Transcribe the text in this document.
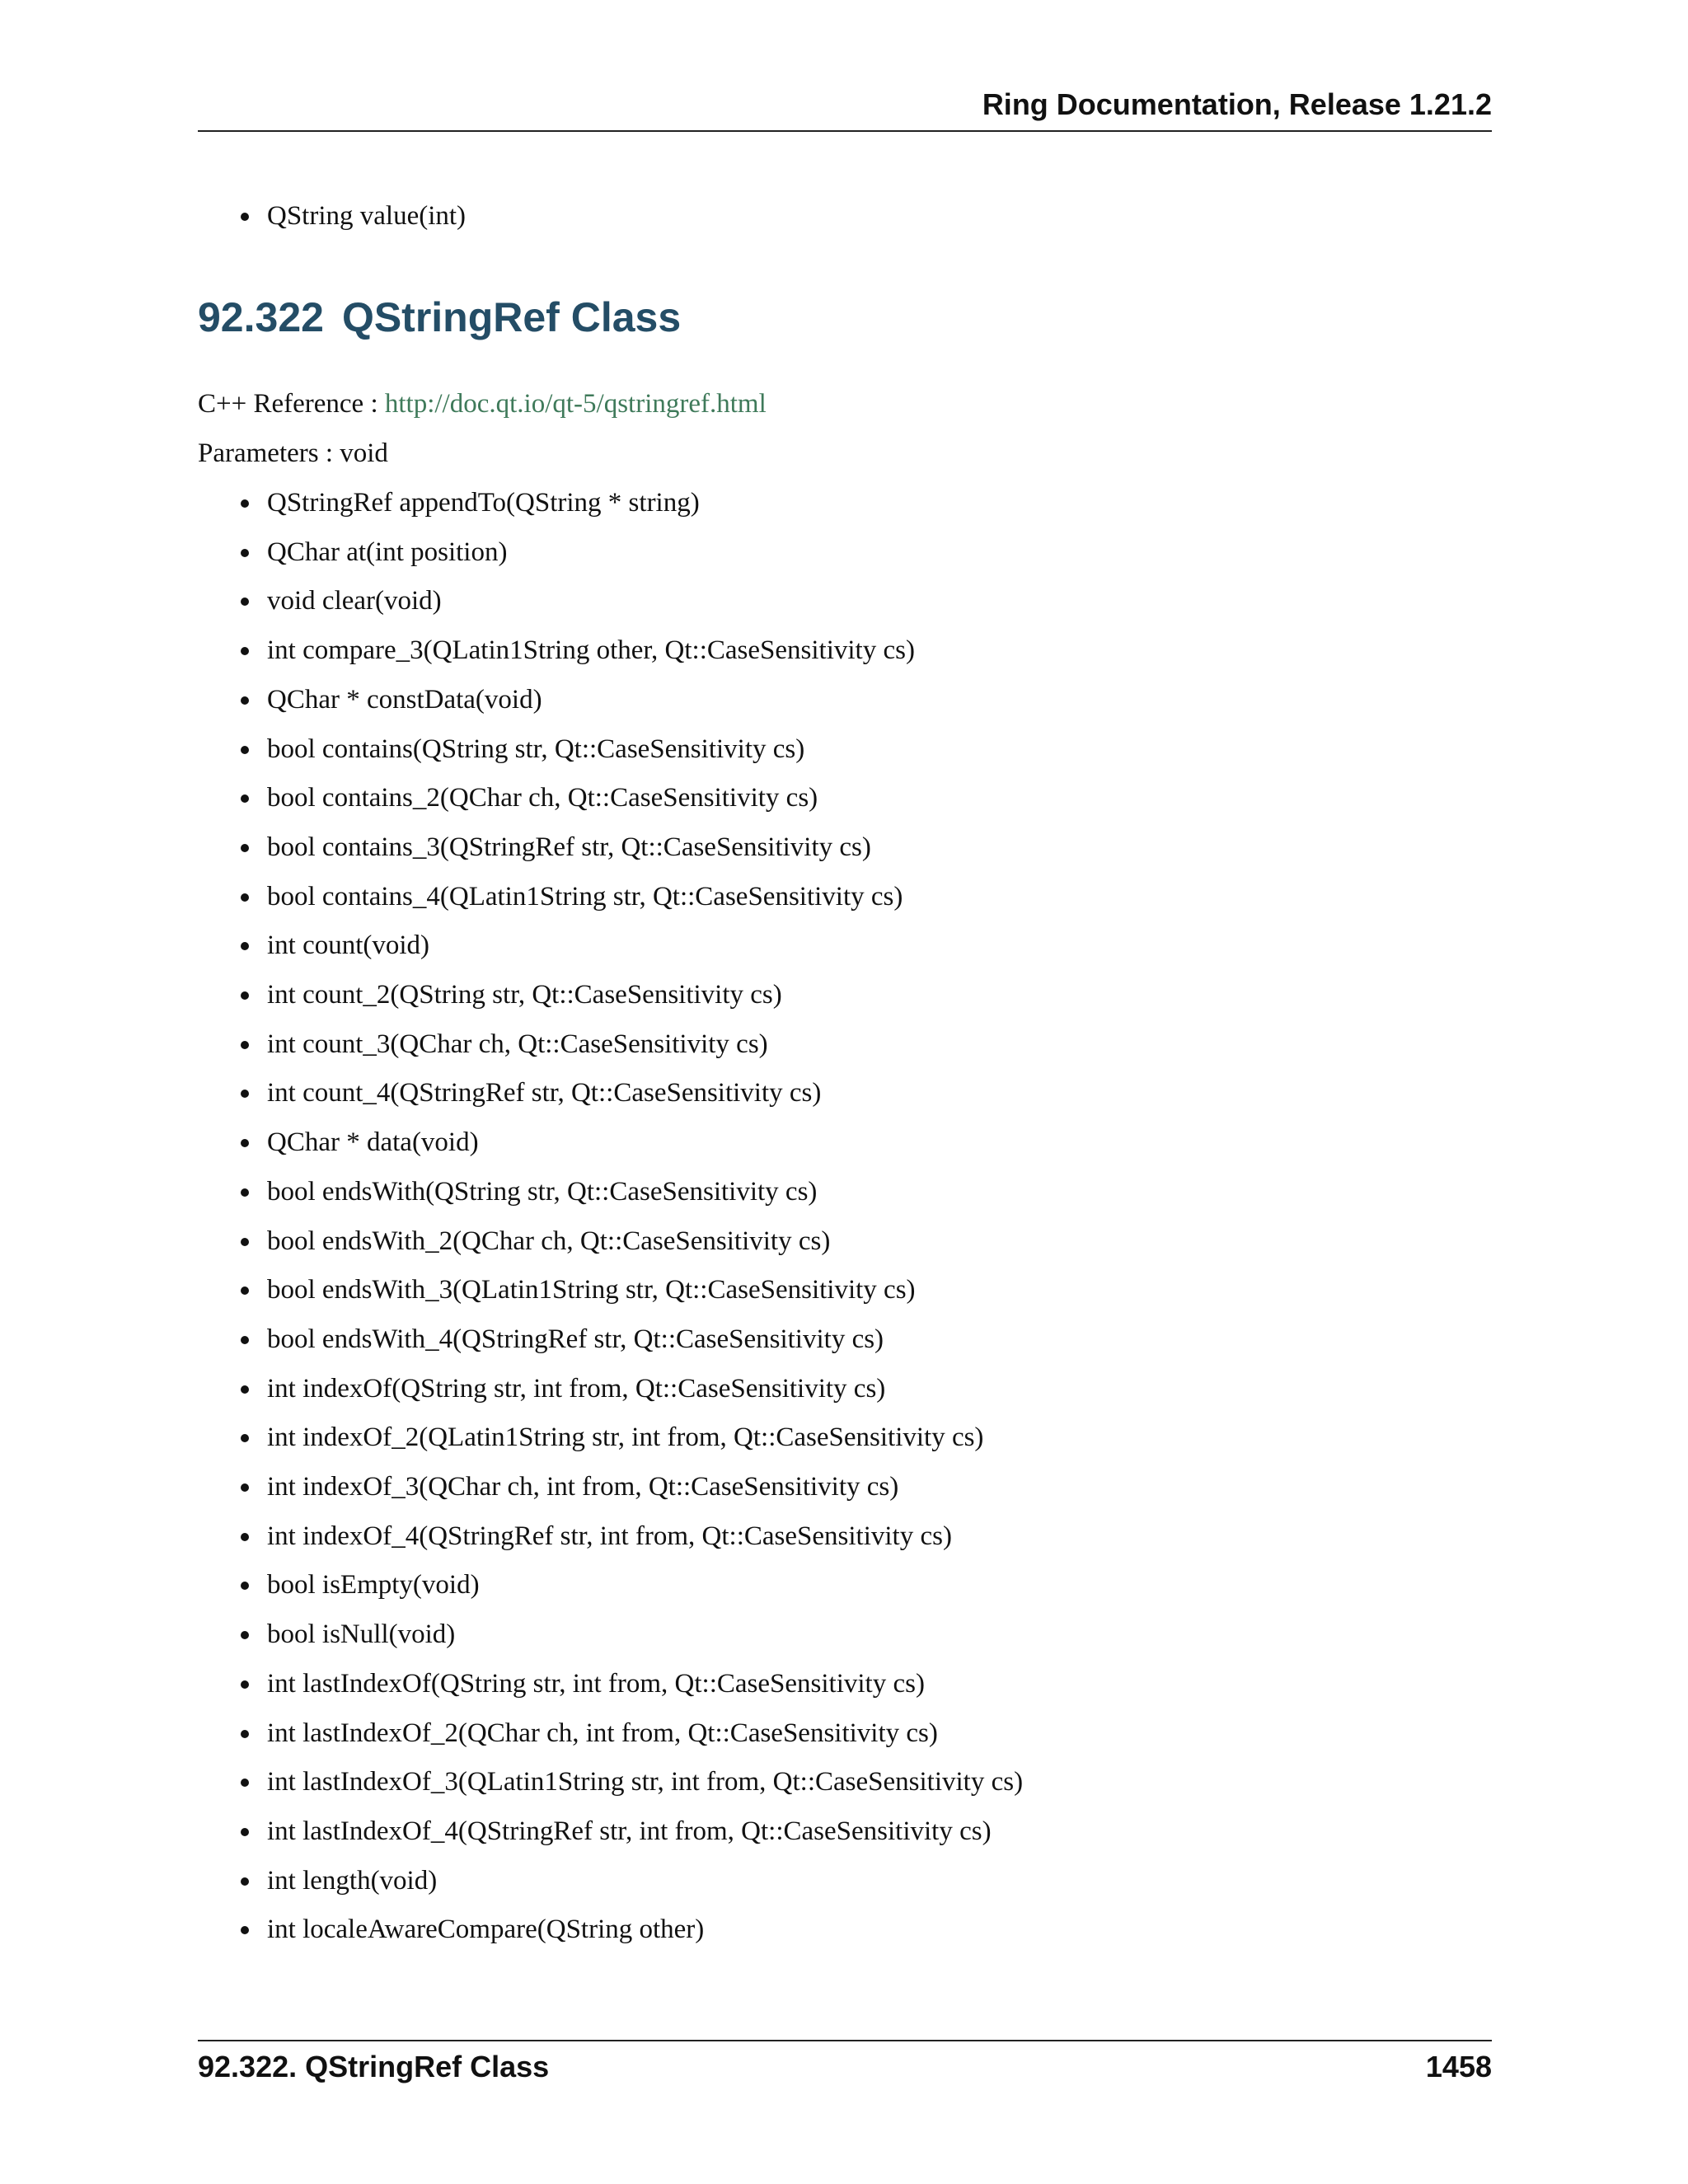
Ring Documentation, Release 1.21.2
QString value(int)
92.322 QStringRef Class
C++ Reference : http://doc.qt.io/qt-5/qstringref.html
Parameters : void
QStringRef appendTo(QString * string)
QChar at(int position)
void clear(void)
int compare_3(QLatin1String other, Qt::CaseSensitivity cs)
QChar * constData(void)
bool contains(QString str, Qt::CaseSensitivity cs)
bool contains_2(QChar ch, Qt::CaseSensitivity cs)
bool contains_3(QStringRef str, Qt::CaseSensitivity cs)
bool contains_4(QLatin1String str, Qt::CaseSensitivity cs)
int count(void)
int count_2(QString str, Qt::CaseSensitivity cs)
int count_3(QChar ch, Qt::CaseSensitivity cs)
int count_4(QStringRef str, Qt::CaseSensitivity cs)
QChar * data(void)
bool endsWith(QString str, Qt::CaseSensitivity cs)
bool endsWith_2(QChar ch, Qt::CaseSensitivity cs)
bool endsWith_3(QLatin1String str, Qt::CaseSensitivity cs)
bool endsWith_4(QStringRef str, Qt::CaseSensitivity cs)
int indexOf(QString str, int from, Qt::CaseSensitivity cs)
int indexOf_2(QLatin1String str, int from, Qt::CaseSensitivity cs)
int indexOf_3(QChar ch, int from, Qt::CaseSensitivity cs)
int indexOf_4(QStringRef str, int from, Qt::CaseSensitivity cs)
bool isEmpty(void)
bool isNull(void)
int lastIndexOf(QString str, int from, Qt::CaseSensitivity cs)
int lastIndexOf_2(QChar ch, int from, Qt::CaseSensitivity cs)
int lastIndexOf_3(QLatin1String str, int from, Qt::CaseSensitivity cs)
int lastIndexOf_4(QStringRef str, int from, Qt::CaseSensitivity cs)
int length(void)
int localeAwareCompare(QString other)
92.322. QStringRef Class	1458
